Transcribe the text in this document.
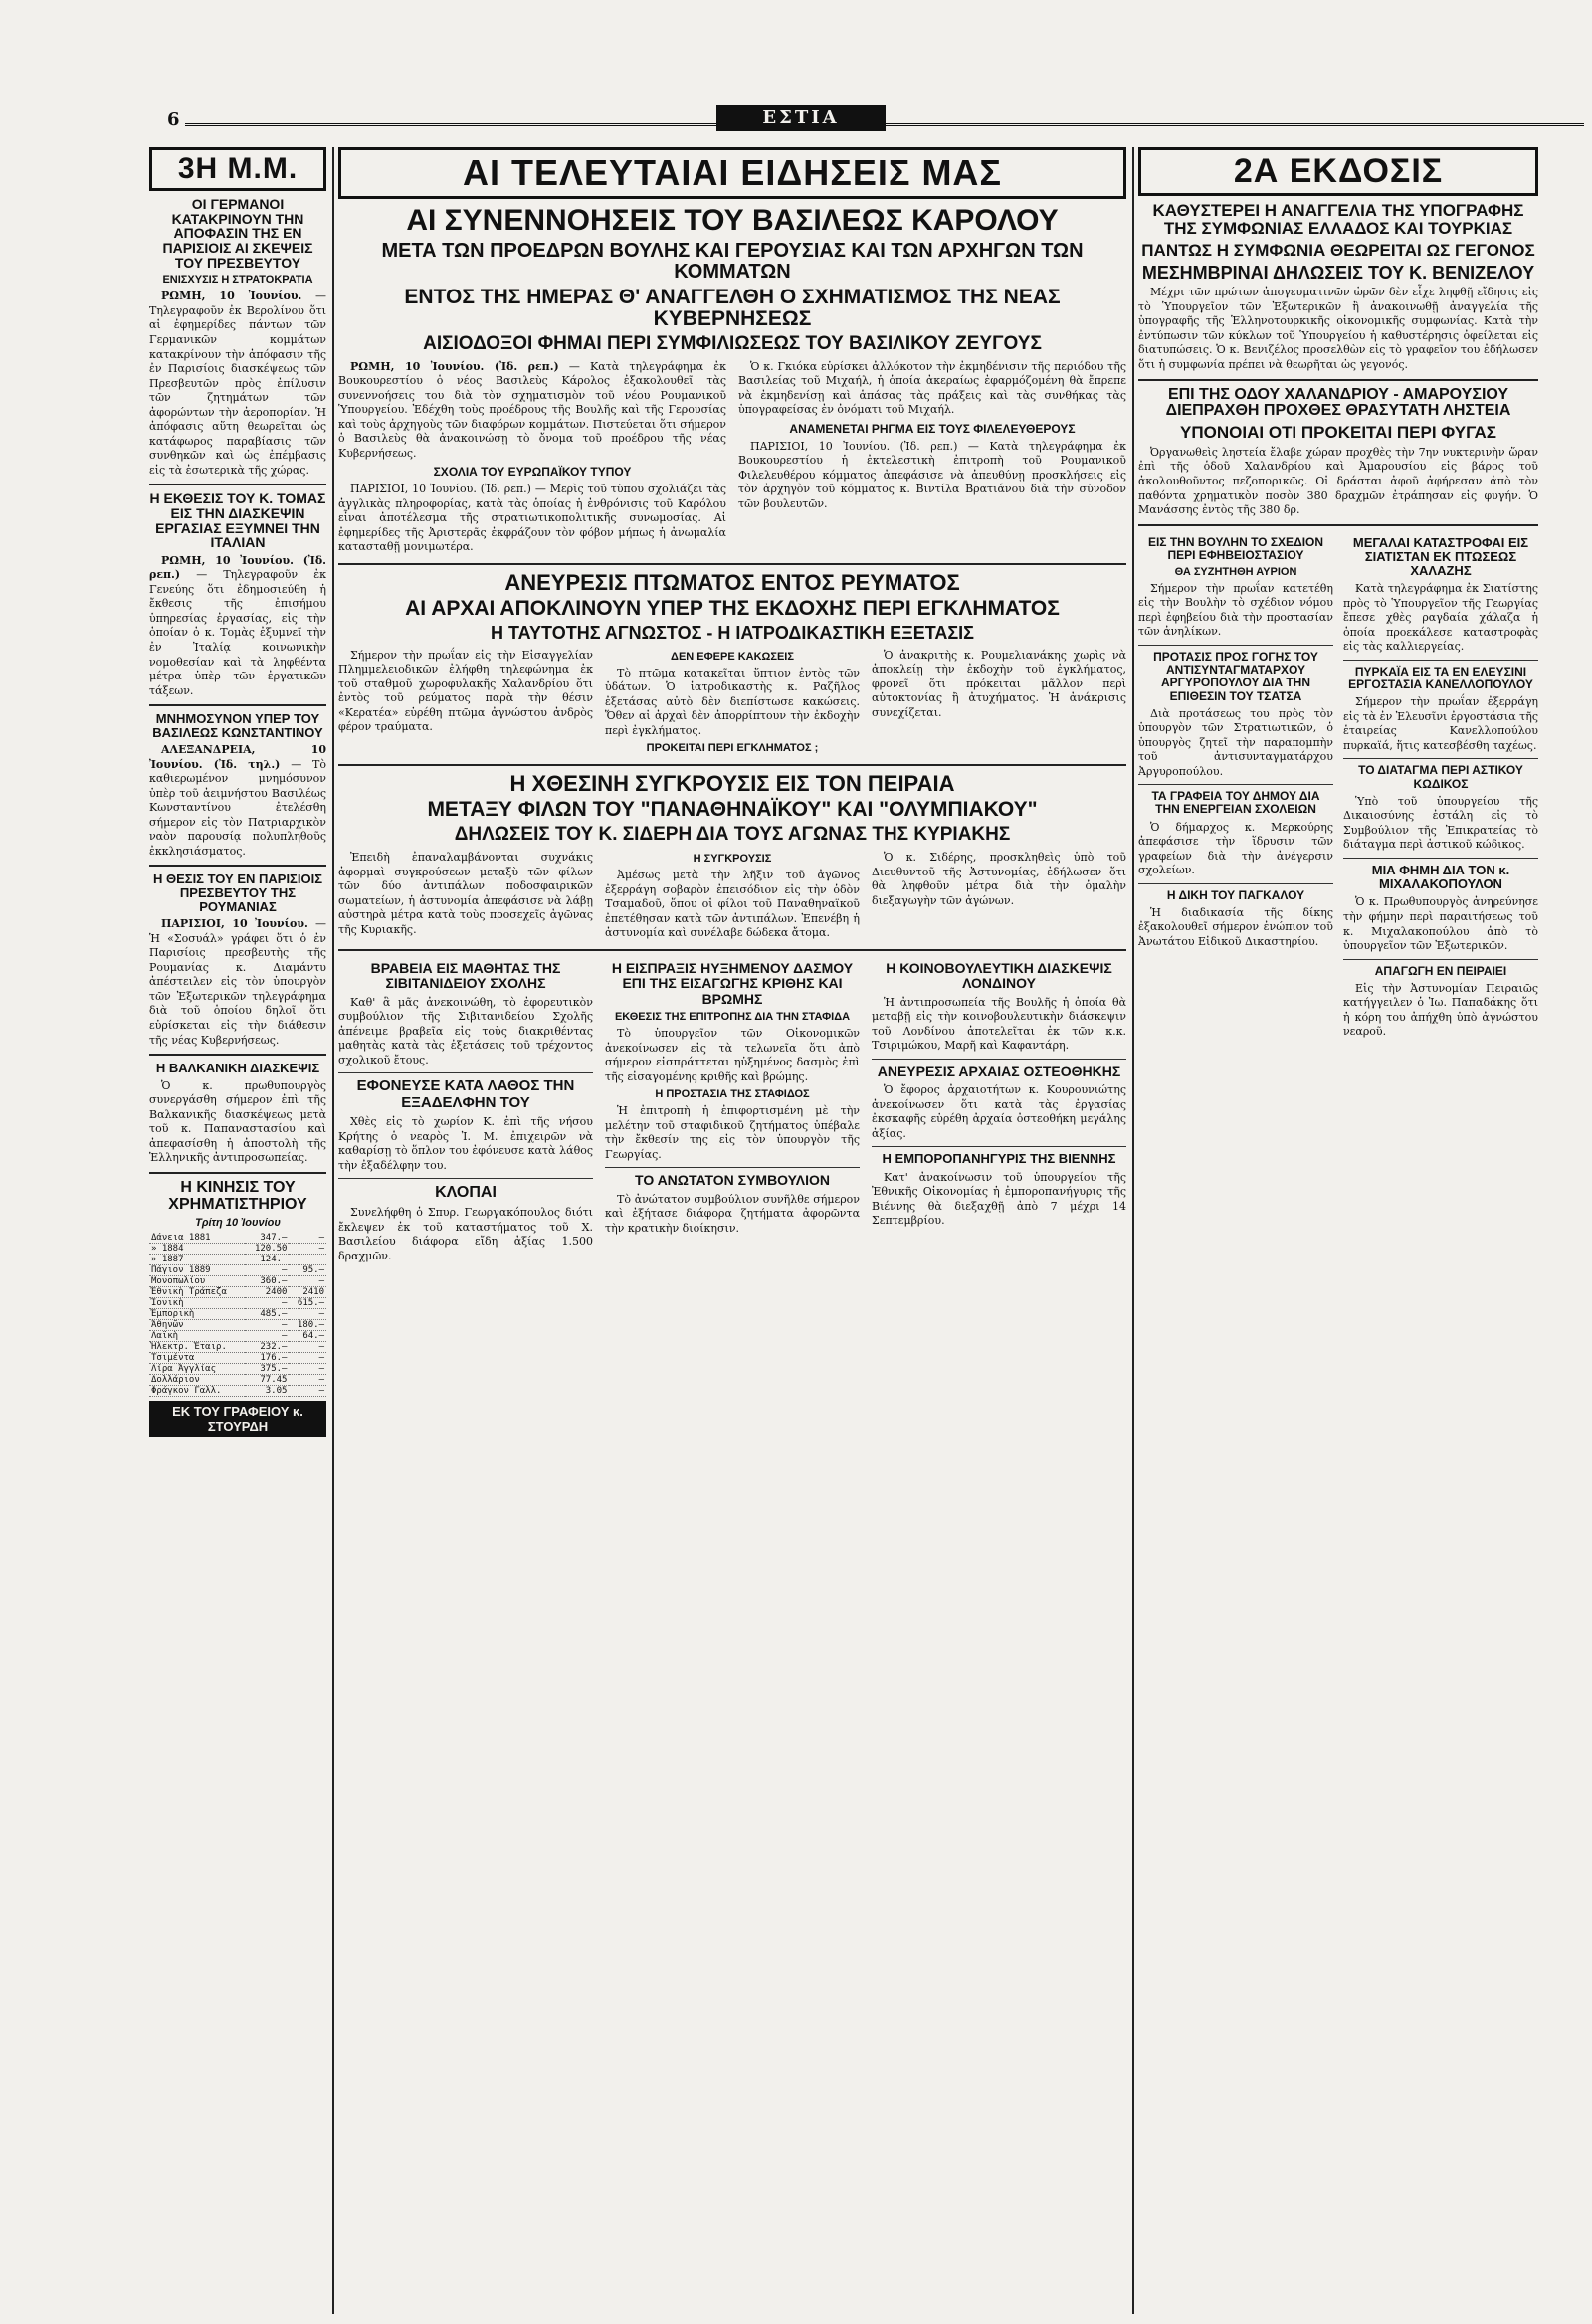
6	ΕΣΤΙΑ
3Η Μ.Μ.
ΟΙ ΓΕΡΜΑΝΟΙ ΚΑΤΑΚΡΙΝΟΥΝ ΤΗΝ ΑΠΟΦΑΣΙΝ ΤΗΣ ΕΝ ΠΑΡΙΣΙΟΙΣ ΑΙ ΣΚΕΨΕΙΣ ΤΟΥ ΠΡΕΣΒΕΥΤΟΥ
ΕΝΙΣΧΥΣΙΣ Η ΣΤΡΑΤΟΚΡΑΤΙΑ

ΡΩΜΗ, 10 Ἰουνίου. — Τηλεγραφοῦν ἐκ Βερολίνου ὅτι αἱ ἐφημερίδες πάντων τῶν Γερμανικῶν κομμάτων κατακρίνουν τὴν ἀπόφασιν τῆς ἐν Παρισίοις διασκέψεως τῶν Πρεσβευτῶν πρὸς ἐπίλυσιν τῶν ζητημάτων τῶν ἀφορώντων τὴν ἀεροπορίαν. Ἡ ἀπόφασις αὕτη θεωρεῖται ὡς κατάφωρος παραβίασις τῶν συνθηκῶν καὶ ὡς ἐπέμβασις εἰς τὰ ἐσωτερικὰ τῆς χώρας.

Η ΕΚΘΕΣΙΣ ΤΟΥ Κ. ΤΟΜΑΣ ΕΙΣ ΤΗΝ ΔΙΑΣΚΕΨΙΝ ΕΡΓΑΣΙΑΣ ΕΞΥΜΝΕΙ ΤΗΝ ΙΤΑΛΙΑΝ

ΡΩΜΗ, 10 Ἰουνίου. (Ἰδ. ρεπ.) — Τηλεγραφοῦν ἐκ Γενεύης ὅτι ἐδημοσιεύθη ἡ ἔκθεσις τῆς ἐπισήμου ὑπηρεσίας ἐργασίας, εἰς τὴν ὁποίαν ὁ κ. Τομὰς ἐξυμνεῖ τὴν ἐν Ἰταλίᾳ κοινωνικὴν νομοθεσίαν καὶ τὰ ληφθέντα μέτρα ὑπὲρ τῶν ἐργατικῶν τάξεων.

ΜΝΗΜΟΣΥΝΟΝ ΥΠΕΡ ΤΟΥ ΒΑΣΙΛΕΩΣ ΚΩΝΣΤΑΝΤΙΝΟΥ

ΑΛΕΞΑΝΔΡΕΙΑ, 10 Ἰουνίου. (Ἰδ. τηλ.) — Τὸ καθιερωμένον μνημόσυνον ὑπὲρ τοῦ ἀειμνήστου Βασιλέως Κωνσταντίνου ἐτελέσθη σήμερον εἰς τὸν Πατριαρχικὸν ναὸν παρουσίᾳ πολυπληθοῦς ἐκκλησιάσματος.

Η ΘΕΣΙΣ ΤΟΥ ΕΝ ΠΑΡΙΣΙΟΙΣ ΠΡΕΣΒΕΥΤΟΥ ΤΗΣ ΡΟΥΜΑΝΙΑΣ

ΠΑΡΙΣΙΟΙ, 10 Ἰουνίου. — Ἡ «Σοσυάλ» γράφει ὅτι ὁ ἐν Παρισίοις πρεσβευτὴς τῆς Ρουμανίας κ. Διαμάντυ ἀπέστειλεν εἰς τὸν ὑπουργὸν τῶν Ἐξωτερικῶν τηλεγράφημα διὰ τοῦ ὁποίου δηλοῖ ὅτι εὑρίσκεται εἰς τὴν διάθεσιν τῆς νέας Κυβερνήσεως.

Η ΒΑΛΚΑΝΙΚΗ ΔΙΑΣΚΕΨΙΣ

Ὁ κ. πρωθυπουργὸς συνεργάσθη σήμερον ἐπὶ τῆς Βαλκανικῆς διασκέψεως μετὰ τοῦ κ. Παπαναστασίου καὶ ἀπεφασίσθη ἡ ἀποστολὴ τῆς Ἑλληνικῆς ἀντιπροσωπείας.

Η ΚΙΝΗΣΙΣ ΤΟΥ ΧΡΗΜΑΤΙΣΤΗΡΙΟΥ
Τρίτη 10 Ἰουνίου
Δάνεια 1881	347.—	—
» 1884	120.50	—
» 1887	124.—	—
Πάγιον 1889	—	95.—
Μονοπωλίου	360.—	—
Ἐθνικὴ Τράπεζα	2400	2410
Ἰονικὴ	—	615.—
Ἐμπορικὴ	485.—	—
Ἀθηνῶν	—	180.—
Λαϊκὴ	—	64.—
Ἡλεκτρ. Ἑταιρ.	232.—	—
Τσιμέντα	176.—	—
Λίρα Ἀγγλίας	375.—	—
Δολλάριον	77.45	—
Φράγκον Γαλλ.	3.05	—
ΕΚ ΤΟΥ ΓΡΑΦΕΙΟΥ κ. ΣΤΟΥΡΔΗ
ΑΙ ΤΕΛΕΥΤΑΙΑΙ ΕΙΔΗΣΕΙΣ ΜΑΣ
ΑΙ ΣΥΝΕΝΝΟΗΣΕΙΣ ΤΟΥ ΒΑΣΙΛΕΩΣ ΚΑΡΟΛΟΥ
ΜΕΤΑ ΤΩΝ ΠΡΟΕΔΡΩΝ ΒΟΥΛΗΣ ΚΑΙ ΓΕΡΟΥΣΙΑΣ ΚΑΙ ΤΩΝ ΑΡΧΗΓΩΝ ΤΩΝ ΚΟΜΜΑΤΩΝ
ΕΝΤΟΣ ΤΗΣ ΗΜΕΡΑΣ Θ' ΑΝΑΓΓΕΛΘΗ Ο ΣΧΗΜΑΤΙΣΜΟΣ ΤΗΣ ΝΕΑΣ ΚΥΒΕΡΝΗΣΕΩΣ
ΑΙΣΙΟΔΟΞΟΙ ΦΗΜΑΙ ΠΕΡΙ ΣΥΜΦΙΛΙΩΣΕΩΣ ΤΟΥ ΒΑΣΙΛΙΚΟΥ ΖΕΥΓΟΥΣ

ΡΩΜΗ, 10 Ἰουνίου. (Ἰδ. ρεπ.) — Κατὰ τηλεγράφημα ἐκ Βουκουρεστίου ὁ νέος Βασιλεὺς Κάρολος ἐξακολουθεῖ τὰς συνεννοήσεις του διὰ τὸν σχηματισμὸν τοῦ νέου Ρουμανικοῦ Ὑπουργείου. Ἐδέχθη τοὺς προέδρους τῆς Βουλῆς καὶ τῆς Γερουσίας καὶ τοὺς ἀρχηγοὺς τῶν διαφόρων κομμάτων. Πιστεύεται ὅτι σήμερον ὁ Βασιλεὺς θὰ ἀνακοινώσῃ τὸ ὄνομα τοῦ προέδρου τῆς νέας Κυβερνήσεως.

ΣΧΟΛΙΑ ΤΟΥ ΕΥΡΩΠΑΪΚΟΥ ΤΥΠΟΥ

ΠΑΡΙΣΙΟΙ, 10 Ἰουνίου. (Ἰδ. ρεπ.) — Μερὶς τοῦ τύπου σχολιάζει τὰς ἀγγλικὰς πληροφορίας, κατὰ τὰς ὁποίας ἡ ἐνθρόνισις τοῦ Καρόλου εἶναι ἀποτέλεσμα τῆς στρατιωτικοπολιτικῆς συνωμοσίας. Αἱ ἐφημερίδες τῆς Ἀριστερᾶς ἐκφράζουν τὸν φόβον μήπως ἡ ἀνωμαλία κατασταθῇ μονιμωτέρα.

Ὁ κ. Γκιόκα εὑρίσκει ἀλλόκοτον τὴν ἐκμηδένισιν τῆς περιόδου τῆς Βασιλείας τοῦ Μιχαήλ, ἡ ὁποία ἀκεραίως ἐφαρμόζομένη θὰ ἔπρεπε νὰ ἐκμηδενίσῃ καὶ ἁπάσας τὰς πράξεις καὶ τὰς συνθήκας τὰς ὑπογραφείσας ἐν ὀνόματι τοῦ Μιχαήλ.

ΑΝΑΜΕΝΕΤΑΙ ΡΗΓΜΑ ΕΙΣ ΤΟΥΣ ΦΙΛΕΛΕΥΘΕΡΟΥΣ

ΠΑΡΙΣΙΟΙ, 10 Ἰουνίου. (Ἰδ. ρεπ.) — Κατὰ τηλεγράφημα ἐκ Βουκουρεστίου ἡ ἐκτελεστικὴ ἐπιτροπὴ τοῦ Ρουμανικοῦ Φιλελευθέρου κόμματος ἀπεφάσισε νὰ ἀπευθύνῃ προσκλήσεις εἰς τὸν ἀρχηγὸν τοῦ κόμματος κ. Βιντίλα Βρατιάνου διὰ τὴν σύνοδον τῶν βουλευτῶν.

ΑΝΕΥΡΕΣΙΣ ΠΤΩΜΑΤΟΣ ΕΝΤΟΣ ΡΕΥΜΑΤΟΣ
ΑΙ ΑΡΧΑΙ ΑΠΟΚΛΙΝΟΥΝ ΥΠΕΡ ΤΗΣ ΕΚΔΟΧΗΣ ΠΕΡΙ ΕΓΚΛΗΜΑΤΟΣ
Η ΤΑΥΤΟΤΗΣ ΑΓΝΩΣΤΟΣ - Η ΙΑΤΡΟΔΙΚΑΣΤΙΚΗ ΕΞΕΤΑΣΙΣ

Σήμερον τὴν πρωΐαν εἰς τὴν Εἰσαγγελίαν Πλημμελειοδικῶν ἐλήφθη τηλεφώνημα ἐκ τοῦ σταθμοῦ χωροφυλακῆς Χαλανδρίου ὅτι ἐντὸς τοῦ ρεύματος παρὰ τὴν θέσιν «Κερατέα» εὑρέθη πτῶμα ἀγνώστου ἀνδρὸς φέρον τραύματα.

ΔΕΝ ΕΦΕΡΕ ΚΑΚΩΣΕΙΣ

Τὸ πτῶμα κατακεῖται ὕπτιον ἐντὸς τῶν ὑδάτων. Ὁ ἰατροδικαστὴς κ. Ραζῆλος ἐξετάσας αὐτὸ δὲν διεπίστωσε κακώσεις. Ὅθεν αἱ ἀρχαὶ δὲν ἀπορρίπτουν τὴν ἐκδοχὴν περὶ ἐγκλήματος.

ΠΡΟΚΕΙΤΑΙ ΠΕΡΙ ΕΓΚΛΗΜΑΤΟΣ ;

Ὁ ἀνακριτὴς κ. Ρουμελιανάκης χωρὶς νὰ ἀποκλείῃ τὴν ἐκδοχὴν τοῦ ἐγκλήματος, φρονεῖ ὅτι πρόκειται μᾶλλον περὶ αὐτοκτονίας ἢ ἀτυχήματος. Ἡ ἀνάκρισις συνεχίζεται.

Η ΧΘΕΣΙΝΗ ΣΥΓΚΡΟΥΣΙΣ ΕΙΣ ΤΟΝ ΠΕΙΡΑΙΑ
ΜΕΤΑΞΥ ΦΙΛΩΝ ΤΟΥ "ΠΑΝΑΘΗΝΑΪΚΟΥ" ΚΑΙ "ΟΛΥΜΠΙΑΚΟΥ"
ΔΗΛΩΣΕΙΣ ΤΟΥ Κ. ΣΙΔΕΡΗ ΔΙΑ ΤΟΥΣ ΑΓΩΝΑΣ ΤΗΣ ΚΥΡΙΑΚΗΣ

Ἐπειδὴ ἐπαναλαμβάνονται συχνάκις ἀφορμαὶ συγκρούσεων μεταξὺ τῶν φίλων τῶν δύο ἀντιπάλων ποδοσφαιρικῶν σωματείων, ἡ ἀστυνομία ἀπεφάσισε νὰ λάβῃ αὐστηρὰ μέτρα κατὰ τοὺς προσεχεῖς ἀγῶνας τῆς Κυριακῆς.

Η ΣΥΓΚΡΟΥΣΙΣ

Ἀμέσως μετὰ τὴν λῆξιν τοῦ ἀγῶνος ἐξερράγη σοβαρὸν ἐπεισόδιον εἰς τὴν ὁδὸν Τσαμαδοῦ, ὅπου οἱ φίλοι τοῦ Παναθηναϊκοῦ ἐπετέθησαν κατὰ τῶν ἀντιπάλων. Ἐπενέβη ἡ ἀστυνομία καὶ συνέλαβε δώδεκα ἄτομα.

Ὁ κ. Σιδέρης, προσκληθεὶς ὑπὸ τοῦ Διευθυντοῦ τῆς Ἀστυνομίας, ἐδήλωσεν ὅτι θὰ ληφθοῦν μέτρα διὰ τὴν ὁμαλὴν διεξαγωγὴν τῶν ἀγώνων.

ΒΡΑΒΕΙΑ ΕΙΣ ΜΑΘΗΤΑΣ ΤΗΣ ΣΙΒΙΤΑΝΙΔΕΙΟΥ ΣΧΟΛΗΣ

Καθ' ἃ μᾶς ἀνεκοινώθη, τὸ ἐφορευτικὸν συμβούλιον τῆς Σιβιτανιδείου Σχολῆς ἀπένειμε βραβεῖα εἰς τοὺς διακριθέντας μαθητὰς κατὰ τὰς ἐξετάσεις τοῦ τρέχοντος σχολικοῦ ἔτους.

ΕΦΟΝΕΥΣΕ ΚΑΤΑ ΛΑΘΟΣ ΤΗΝ ΕΞΑΔΕΛΦΗΝ ΤΟΥ

Χθὲς εἰς τὸ χωρίον Κ. ἐπὶ τῆς νήσου Κρήτης ὁ νεαρὸς Ἰ. Μ. ἐπιχειρῶν νὰ καθαρίσῃ τὸ ὅπλον του ἐφόνευσε κατὰ λάθος τὴν ἐξαδέλφην του.

ΚΛΟΠΑΙ

Συνελήφθη ὁ Σπυρ. Γεωργακόπουλος διότι ἔκλεψεν ἐκ τοῦ καταστήματος τοῦ Χ. Βασιλείου διάφορα εἴδη ἀξίας 1.500 δραχμῶν.

Η ΕΙΣΠΡΑΞΙΣ ΗΥΞΗΜΕΝΟΥ ΔΑΣΜΟΥ ΕΠΙ ΤΗΣ ΕΙΣΑΓΩΓΗΣ ΚΡΙΘΗΣ ΚΑΙ ΒΡΩΜΗΣ
ΕΚΘΕΣΙΣ ΤΗΣ ΕΠΙΤΡΟΠΗΣ ΔΙΑ ΤΗΝ ΣΤΑΦΙΔΑ

Τὸ ὑπουργεῖον τῶν Οἰκονομικῶν ἀνεκοίνωσεν εἰς τὰ τελωνεῖα ὅτι ἀπὸ σήμερον εἰσπράττεται ηὐξημένος δασμὸς ἐπὶ τῆς εἰσαγομένης κριθῆς καὶ βρώμης.

Η ΠΡΟΣΤΑΣΙΑ ΤΗΣ ΣΤΑΦΙΔΟΣ

Ἡ ἐπιτροπὴ ἡ ἐπιφορτισμένη μὲ τὴν μελέτην τοῦ σταφιδικοῦ ζητήματος ὑπέβαλε τὴν ἔκθεσίν της εἰς τὸν ὑπουργὸν τῆς Γεωργίας.

ΤΟ ΑΝΩΤΑΤΟΝ ΣΥΜΒΟΥΛΙΟΝ

Τὸ ἀνώτατον συμβούλιον συνῆλθε σήμερον καὶ ἐξήτασε διάφορα ζητήματα ἀφορῶντα τὴν κρατικὴν διοίκησιν.

Η ΚΟΙΝΟΒΟΥΛΕΥΤΙΚΗ ΔΙΑΣΚΕΨΙΣ ΛΟΝΔΙΝΟΥ

Ἡ ἀντιπροσωπεία τῆς Βουλῆς ἡ ὁποία θὰ μεταβῇ εἰς τὴν κοινοβουλευτικὴν διάσκεψιν τοῦ Λονδίνου ἀποτελεῖται ἐκ τῶν κ.κ. Τσιριμώκου, Μαρῆ καὶ Καφαντάρη.

ΑΝΕΥΡΕΣΙΣ ΑΡΧΑΙΑΣ ΟΣΤΕΟΘΗΚΗΣ

Ὁ ἔφορος ἀρχαιοτήτων κ. Κουρουνιώτης ἀνεκοίνωσεν ὅτι κατὰ τὰς ἐργασίας ἐκσκαφῆς εὑρέθη ἀρχαία ὀστεοθήκη μεγάλης ἀξίας.

Η ΕΜΠΟΡΟΠΑΝΗΓΥΡΙΣ ΤΗΣ ΒΙΕΝΝΗΣ

Κατ' ἀνακοίνωσιν τοῦ ὑπουργείου τῆς Ἐθνικῆς Οἰκονομίας ἡ ἐμποροπανήγυρις τῆς Βιέννης θὰ διεξαχθῇ ἀπὸ 7 μέχρι 14 Σεπτεμβρίου.

2Α ΕΚΔΟΣΙΣ
ΚΑΘΥΣΤΕΡΕΙ Η ΑΝΑΓΓΕΛΙΑ ΤΗΣ ΥΠΟΓΡΑΦΗΣ ΤΗΣ ΣΥΜΦΩΝΙΑΣ ΕΛΛΑΔΟΣ ΚΑΙ ΤΟΥΡΚΙΑΣ
ΠΑΝΤΩΣ Η ΣΥΜΦΩΝΙΑ ΘΕΩΡΕΙΤΑΙ ΩΣ ΓΕΓΟΝΟΣ
ΜΕΣΗΜΒΡΙΝΑΙ ΔΗΛΩΣΕΙΣ ΤΟΥ Κ. ΒΕΝΙΖΕΛΟΥ

Μέχρι τῶν πρώτων ἀπογευματινῶν ὡρῶν δὲν εἶχε ληφθῇ εἴδησις εἰς τὸ Ὑπουργεῖον τῶν Ἐξωτερικῶν ἢ ἀνακοινωθῇ ἀναγγελία τῆς ὑπογραφῆς τῆς Ἑλληνοτουρκικῆς οἰκονομικῆς συμφωνίας. Κατὰ τὴν ἐντύπωσιν τῶν κύκλων τοῦ Ὑπουργείου ἡ καθυστέρησις ὀφείλεται εἰς διατυπώσεις. Ὁ κ. Βενιζέλος προσελθὼν εἰς τὸ γραφεῖον του ἐδήλωσεν ὅτι ἡ συμφωνία πρέπει νὰ θεωρῆται ὡς γεγονός.

ΕΠΙ ΤΗΣ ΟΔΟΥ ΧΑΛΑΝΔΡΙΟΥ - ΑΜΑΡΟΥΣΙΟΥ ΔΙΕΠΡΑΧΘΗ ΠΡΟΧΘΕΣ ΘΡΑΣΥΤΑΤΗ ΛΗΣΤΕΙΑ
ΥΠΟΝΟΙΑΙ ΟΤΙ ΠΡΟΚΕΙΤΑΙ ΠΕΡΙ ΦΥΓΑΣ

Ὀργανωθεὶς ληστεία ἔλαβε χώραν προχθὲς τὴν 7ην νυκτερινὴν ὥραν ἐπὶ τῆς ὁδοῦ Χαλανδρίου καὶ Ἀμαρουσίου εἰς βάρος τοῦ ἀκολουθοῦντος πεζοπορικῶς. Οἱ δράσται ἀφοῦ ἀφήρεσαν ἀπὸ τὸν παθόντα χρηματικὸν ποσὸν 380 δραχμῶν ἐτράπησαν εἰς φυγήν. Ὁ Μανάσσης ἐντὸς τῆς 380 δρ.

ΕΙΣ ΤΗΝ ΒΟΥΛΗΝ ΤΟ ΣΧΕΔΙΟΝ ΠΕΡΙ ΕΦΗΒΕΙΟΣΤΑΣΙΟΥ
ΘΑ ΣΥΖΗΤΗΘΗ ΑΥΡΙΟΝ

Σήμερον τὴν πρωΐαν κατετέθη εἰς τὴν Βουλὴν τὸ σχέδιον νόμου περὶ ἐφηβείου διὰ τὴν προστασίαν τῶν ἀνηλίκων.

ΠΡΟΤΑΣΙΣ ΠΡΟΣ ΓΟΓΗΣ ΤΟΥ ΑΝΤΙΣΥΝΤΑΓΜΑΤΑΡΧΟΥ ΑΡΓΥΡΟΠΟΥΛΟΥ ΔΙΑ ΤΗΝ ΕΠΙΘΕΣΙΝ ΤΟΥ ΤΣΑΤΣΑ

Διὰ προτάσεως του πρὸς τὸν ὑπουργὸν τῶν Στρατιωτικῶν, ὁ ὑπουργὸς ζητεῖ τὴν παραπομπὴν τοῦ ἀντισυνταγματάρχου Ἀργυροπούλου.

ΤΑ ΓΡΑΦΕΙΑ ΤΟΥ ΔΗΜΟΥ ΔΙΑ ΤΗΝ ΕΝΕΡΓΕΙΑΝ ΣΧΟΛΕΙΩΝ

Ὁ δήμαρχος κ. Μερκούρης ἀπεφάσισε τὴν ἵδρυσιν τῶν γραφείων διὰ τὴν ἀνέγερσιν σχολείων.

Η ΔΙΚΗ ΤΟΥ ΠΑΓΚΑΛΟΥ

Ἡ διαδικασία τῆς δίκης ἐξακολουθεῖ σήμερον ἐνώπιον τοῦ Ἀνωτάτου Εἰδικοῦ Δικαστηρίου.

ΜΕΓΑΛΑΙ ΚΑΤΑΣΤΡΟΦΑΙ ΕΙΣ ΣΙΑΤΙΣΤΑΝ ΕΚ ΠΤΩΣΕΩΣ ΧΑΛΑΖΗΣ

Κατὰ τηλεγράφημα ἐκ Σιατίστης πρὸς τὸ Ὑπουργεῖον τῆς Γεωργίας ἔπεσε χθὲς ραγδαία χάλαζα ἡ ὁποία προεκάλεσε καταστροφὰς εἰς τὰς καλλιεργείας.

ΠΥΡΚΑΪΑ ΕΙΣ ΤΑ ΕΝ ΕΛΕΥΣΙΝΙ ΕΡΓΟΣΤΑΣΙΑ ΚΑΝΕΛΛΟΠΟΥΛΟΥ

Σήμερον τὴν πρωΐαν ἐξερράγη εἰς τὰ ἐν Ἐλευσῖνι ἐργοστάσια τῆς ἑταιρείας Κανελλοπούλου πυρκαϊά, ἥτις κατεσβέσθη ταχέως.

ΤΟ ΔΙΑΤΑΓΜΑ ΠΕΡΙ ΑΣΤΙΚΟΥ ΚΩΔΙΚΟΣ

Ὑπὸ τοῦ ὑπουργείου τῆς Δικαιοσύνης ἐστάλη εἰς τὸ Συμβούλιον τῆς Ἐπικρατείας τὸ διάταγμα περὶ ἀστικοῦ κώδικος.

ΜΙΑ ΦΗΜΗ ΔΙΑ ΤΟΝ κ. ΜΙΧΑΛΑΚΟΠΟΥΛΟΝ

Ὁ κ. Πρωθυπουργὸς ἀνηρεύνησε τὴν φήμην περὶ παραιτήσεως τοῦ κ. Μιχαλακοπούλου ἀπὸ τὸ ὑπουργεῖον τῶν Ἐξωτερικῶν.

ΑΠΑΓΩΓΗ ΕΝ ΠΕΙΡΑΙΕΙ

Εἰς τὴν Ἀστυνομίαν Πειραιῶς κατήγγειλεν ὁ Ἰω. Παπαδάκης ὅτι ἡ κόρη του ἀπήχθη ὑπὸ ἀγνώστου νεαροῦ.
